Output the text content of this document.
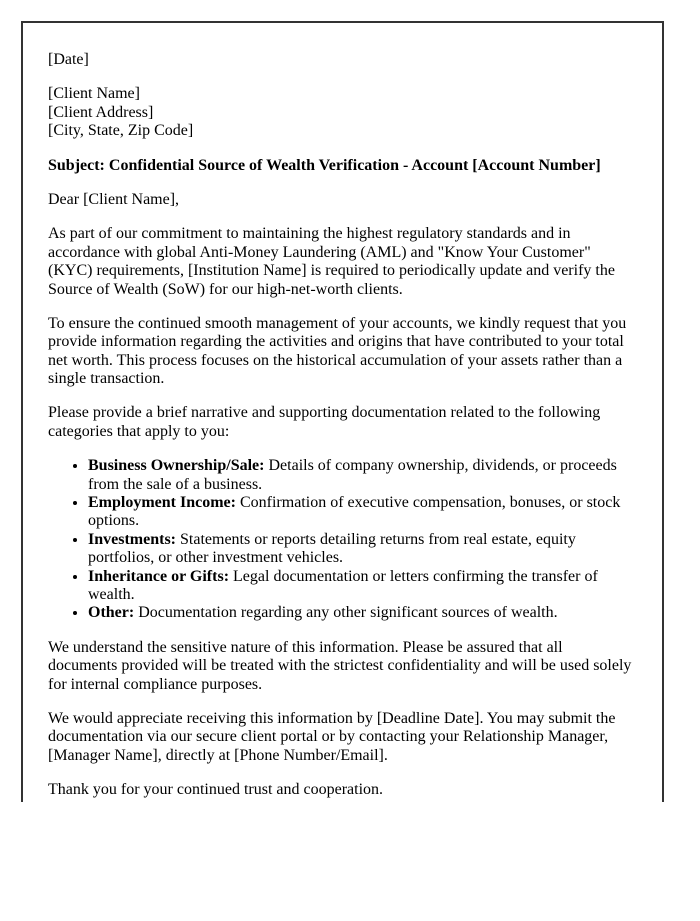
[Date]

[Client Name]
[Client Address]
[City, State, Zip Code]

Subject: Confidential Source of Wealth Verification - Account [Account Number]

Dear [Client Name],

As part of our commitment to maintaining the highest regulatory standards and in accordance with global Anti-Money Laundering (AML) and "Know Your Customer" (KYC) requirements, [Institution Name] is required to periodically update and verify the Source of Wealth (SoW) for our high-net-worth clients.

To ensure the continued smooth management of your accounts, we kindly request that you provide information regarding the activities and origins that have contributed to your total net worth. This process focuses on the historical accumulation of your assets rather than a single transaction.

Please provide a brief narrative and supporting documentation related to the following categories that apply to you:

• Business Ownership/Sale: Details of company ownership, dividends, or proceeds from the sale of a business.
• Employment Income: Confirmation of executive compensation, bonuses, or stock options.
• Investments: Statements or reports detailing returns from real estate, equity portfolios, or other investment vehicles.
• Inheritance or Gifts: Legal documentation or letters confirming the transfer of wealth.
• Other: Documentation regarding any other significant sources of wealth.

We understand the sensitive nature of this information. Please be assured that all documents provided will be treated with the strictest confidentiality and will be used solely for internal compliance purposes.

We would appreciate receiving this information by [Deadline Date]. You may submit the documentation via our secure client portal or by contacting your Relationship Manager, [Manager Name], directly at [Phone Number/Email].

Thank you for your continued trust and cooperation.
